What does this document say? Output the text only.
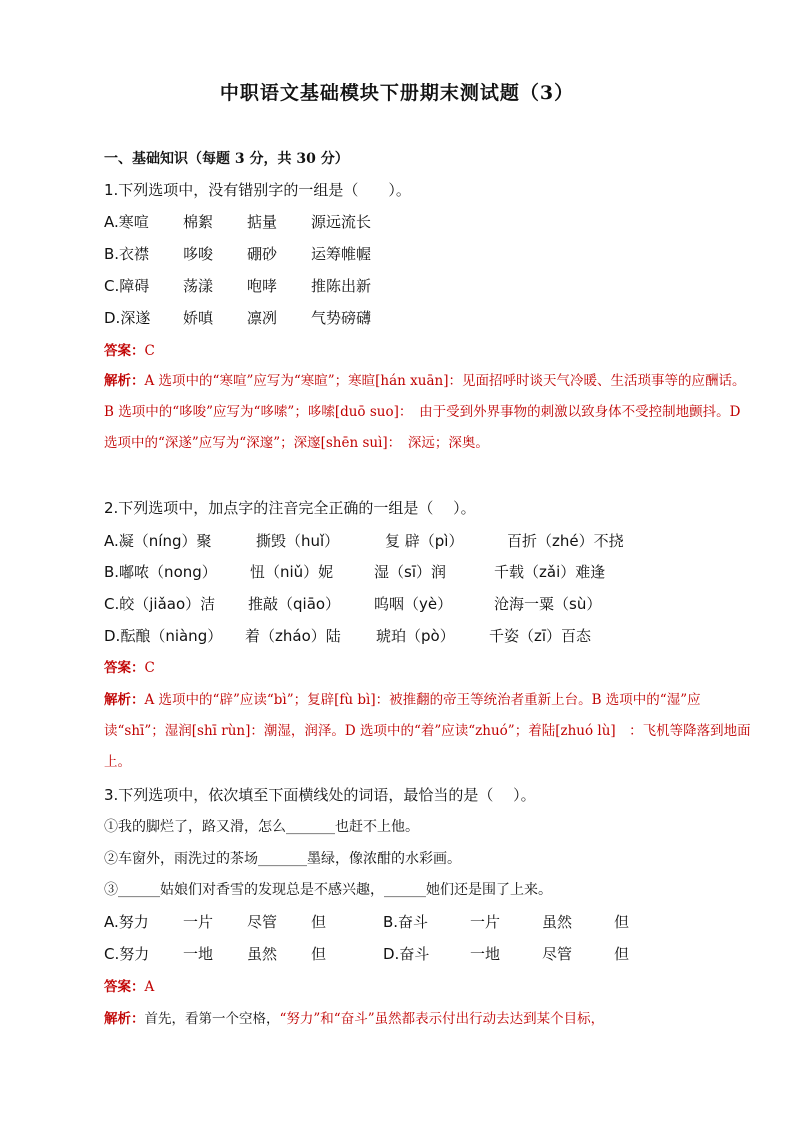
中职语文基础模块下册期末测试题（3）
一、基础知识（每题 3 分，共 30 分）
1.下列选项中，没有错别字的一组是（　　）。
A.寒喧 棉絮 掂量 源远流长
B.衣襟 哆唆 硼砂 运筹帷幄
C.障碍 荡漾 咆哮 推陈出新
D.深遂 娇嗔 凛冽 气势磅礴
答案：C
解析：A 选项中的“寒喧”应写为“寒暄”；寒暄[hán xuān]：见面招呼时谈天气冷暖、生活琐事等的应酬话。 B 选项中的“哆唆”应写为“哆嗦”；哆嗦[duō suo]：　由于受到外界事物的刺激以致身体不受控制地颤抖。D 选项中的“深遂”应写为“深邃”；深邃[shēn suì]：　深远；深奥。
2.下列选项中，加点字的注音完全正确的一组是（　 ）。
A.凝（níng）聚	撕毁（huǐ）	复 辟（pì）	百折（zhé）不挠
B.嘟哝（nong） 忸（niǔ）妮	湿（sī）润	千载（zǎi）难逢
C.皎（jiǎao）洁 推敲（qiāo） 呜咽（yè）	沧海一粟（sù）
D.酝酿（niàng） 着（zháo）陆 琥珀（pò） 千姿（zī）百态
答案：C
解析：A 选项中的“辟”应读“bì”；复辟[fù bì]：被推翻的帝王等统治者重新上台。B 选项中的“湿”应读“shī”；湿润[shī rùn]：潮湿，润泽。D 选项中的“着”应读“zhuó”；着陆[zhuó lù]　：飞机等降落到地面上。
3.下列选项中，依次填至下面横线处的词语，最恰当的是（　 ）。
①我的脚烂了，路又滑，怎么_______也赶不上他。
②车窗外，雨洗过的茶场_______墨绿，像浓酣的水彩画。
③______姑娘们对香雪的发现总是不感兴趣，______她们还是围了上来。
A.努力 一片 尽管 但	B.奋斗	一片	虽然	但
C.努力 一地 虽然 但	D.奋斗	一地	尽管	但
答案：A
解析：首先，看第一个空格，“努力”和“奋斗”虽然都表示付出行动去达到某个目标，
